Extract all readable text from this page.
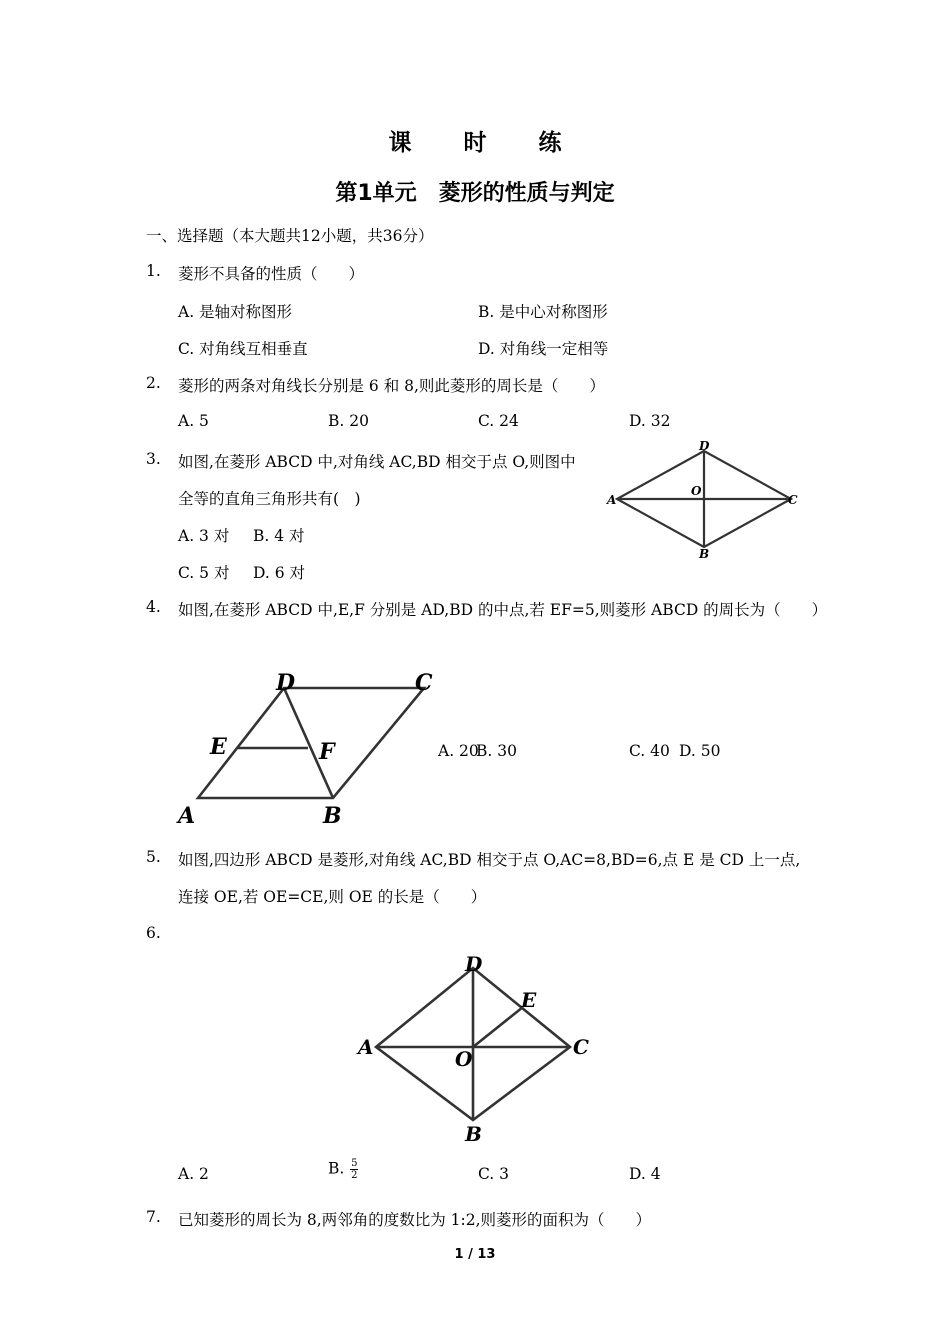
课 时 练
第1单元　菱形的性质与判定
一、选择题（本大题共12小题，共36分）
1. 菱形不具备的性质（　　）
A. 是轴对称图形	B. 是中心对称图形
C. 对角线互相垂直	D. 对角线一定相等
2. 菱形的两条对角线长分别是 6 和 8,则此菱形的周长是（　　）
A. 5	B. 20	C. 24	D. 32
3. 如图,在菱形 ABCD 中,对角线 AC,BD 相交于点 O,则图中
全等的直角三角形共有(　)
A. 3 对 B. 4 对
C. 5 对 D. 6 对
D
A
O
C
B
4. 如图,在菱形 ABCD 中,E,F 分别是 AD,BD 的中点,若 EF=5,则菱形 ABCD 的周长为（　　）
D	C
E	F
A	B
A. 20
B. 30	C. 40 D. 50
5. 如图,四边形 ABCD 是菱形,对角线 AC,BD 相交于点 O,AC=8,BD=6,点 E 是 CD 上一点,
连接 OE,若 OE=CE,则 OE 的长是（　　）
6.
D
E
A	O	C
B
A. 2	B. $\frac{5}{2}$	C. 3	D. 4
7. 已知菱形的周长为 8,两邻角的度数比为 1:2,则菱形的面积为（　　）
1 / 13
